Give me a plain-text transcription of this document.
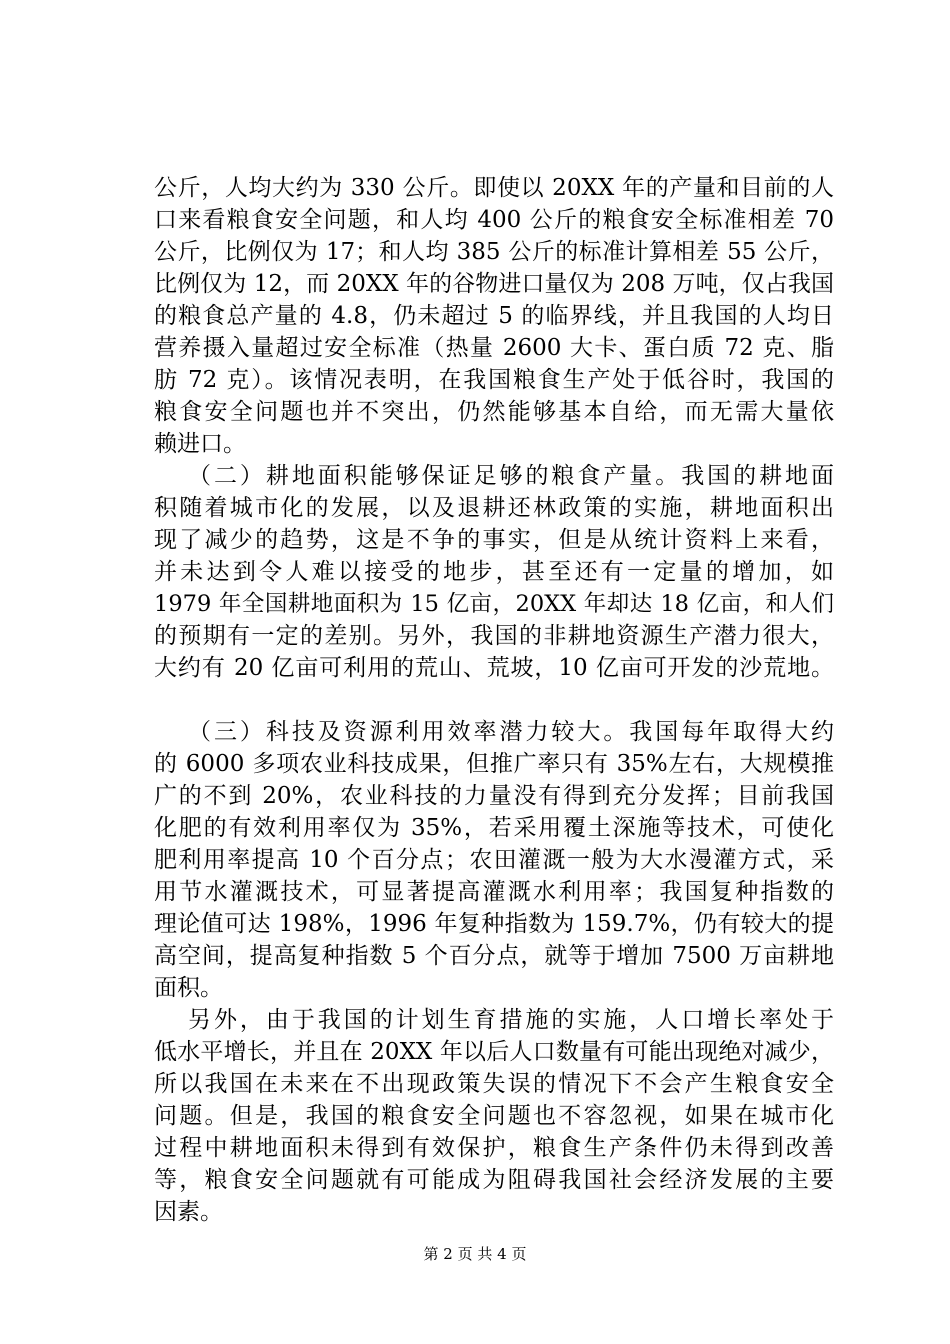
公斤，人均大约为 330 公斤。即使以 20XX 年的产量和目前的人
口来看粮食安全问题，和人均 400 公斤的粮食安全标准相差 70
公斤，比例仅为 17；和人均 385 公斤的标准计算相差 55 公斤，
比例仅为 12，而 20XX 年的谷物进口量仅为 208 万吨，仅占我国
的粮食总产量的 4.8，仍未超过 5 的临界线，并且我国的人均日
营养摄入量超过安全标准（热量 2600 大卡、蛋白质 72 克、脂
肪 72 克）。该情况表明，在我国粮食生产处于低谷时，我国的
粮食安全问题也并不突出，仍然能够基本自给，而无需大量依
赖进口。
（二）耕地面积能够保证足够的粮食产量。我国的耕地面
积随着城市化的发展，以及退耕还林政策的实施，耕地面积出
现了减少的趋势，这是不争的事实，但是从统计资料上来看，
并未达到令人难以接受的地步，甚至还有一定量的增加，如
1979 年全国耕地面积为 15 亿亩，20XX 年却达 18 亿亩，和人们
的预期有一定的差别。另外，我国的非耕地资源生产潜力很大，
大约有 20 亿亩可利用的荒山、荒坡，10 亿亩可开发的沙荒地。
（三）科技及资源利用效率潜力较大。我国每年取得大约
的 6000 多项农业科技成果，但推广率只有 35%左右，大规模推
广的不到 20%，农业科技的力量没有得到充分发挥；目前我国
化肥的有效利用率仅为 35%，若采用覆土深施等技术，可使化
肥利用率提高 10 个百分点；农田灌溉一般为大水漫灌方式，采
用节水灌溉技术，可显著提高灌溉水利用率；我国复种指数的
理论值可达 198%，1996 年复种指数为 159.7%，仍有较大的提
高空间，提高复种指数 5 个百分点，就等于增加 7500 万亩耕地
面积。
另外，由于我国的计划生育措施的实施，人口增长率处于
低水平增长，并且在 20XX 年以后人口数量有可能出现绝对减少，
所以我国在未来在不出现政策失误的情况下不会产生粮食安全
问题。但是，我国的粮食安全问题也不容忽视，如果在城市化
过程中耕地面积未得到有效保护，粮食生产条件仍未得到改善
等，粮食安全问题就有可能成为阻碍我国社会经济发展的主要
因素。
第 2 页 共 4 页
